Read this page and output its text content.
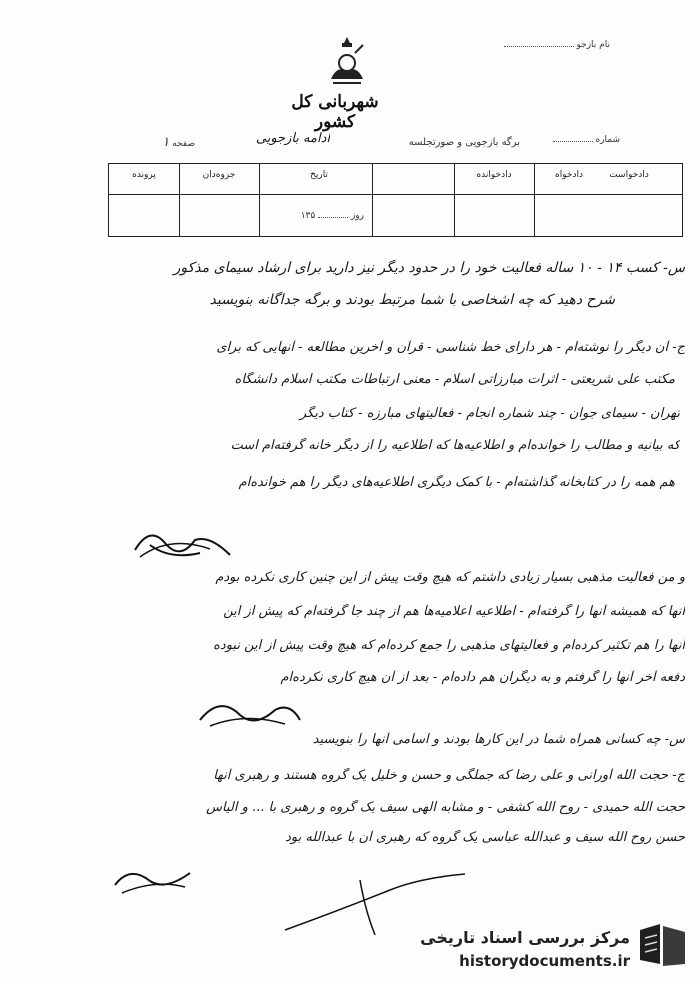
نام بازجو
شماره
۱ صفحه
شهربانی کل کشور
برگه بازجویی و صورتجلسه
ادامه بازجویی
دادخواست
دادخواه
دادخوانده
تاریخ
جزوه‌دان
پرونده
۱۳۵	روز
س- کسب ۱۴ - ۱۰ ساله فعالیت خود را در حدود دیگر نیز دارید برای ارشاد سیمای مذکور
شرح دهید که چه اشخاصی با شما مرتبط بودند و برگه جداگانه بنویسید
ج- آن دیگر را نوشته‌ام - هر دارای خط شناسی - قرآن و آخرین مطالعه - آنهایی که برای
مکتب علی شریعتی - اثرات مبارزاتی اسلام - معنی ارتباطات مکتب اسلام دانشگاه
تهران - سیمای جوان - چند شماره انجام - فعالیتهای مبارزه - کتاب دیگر
که بیانیه و مطالب را خوانده‌ام و اطلاعیه‌ها که اطلاعیه را از دیگر خانه گرفته‌ام است
هم همه را در کتابخانه گذاشته‌ام - با کمک دیگری اطلاعیه‌های دیگر را هم خوانده‌ام
و من فعالیت مذهبی بسیار زیادی داشتم که هیچ وقت پیش از این چنین کاری نکرده بودم
آنها که همیشه آنها را گرفته‌ام - اطلاعیه اعلامیه‌ها هم از چند جا گرفته‌ام که پیش از این
آنها را هم تکثیر کرده‌ام و فعالیتهای مذهبی را جمع کرده‌ام که هیچ وقت پیش از این نبوده
دفعه آخر آنها را گرفتم و به دیگران هم داده‌ام - بعد از آن هیچ کاری نکرده‌ام
س- چه کسانی همراه شما در این کارها بودند و اسامی آنها را بنویسید
ج- حجت الله آورانی و علی رضا که جملگی و حسن و خلیل یک گروه هستند و رهبری آنها
حجت الله حمیدی - روح الله کشفی - و مشابه الهی سیف یک گروه و رهبری با ... و الیاس
حسن روح الله سیف و عبدالله عباسی یک گروه که رهبری آن با عبدالله بود
مرکز بررسی اسناد تاریخی
historydocuments.ir
